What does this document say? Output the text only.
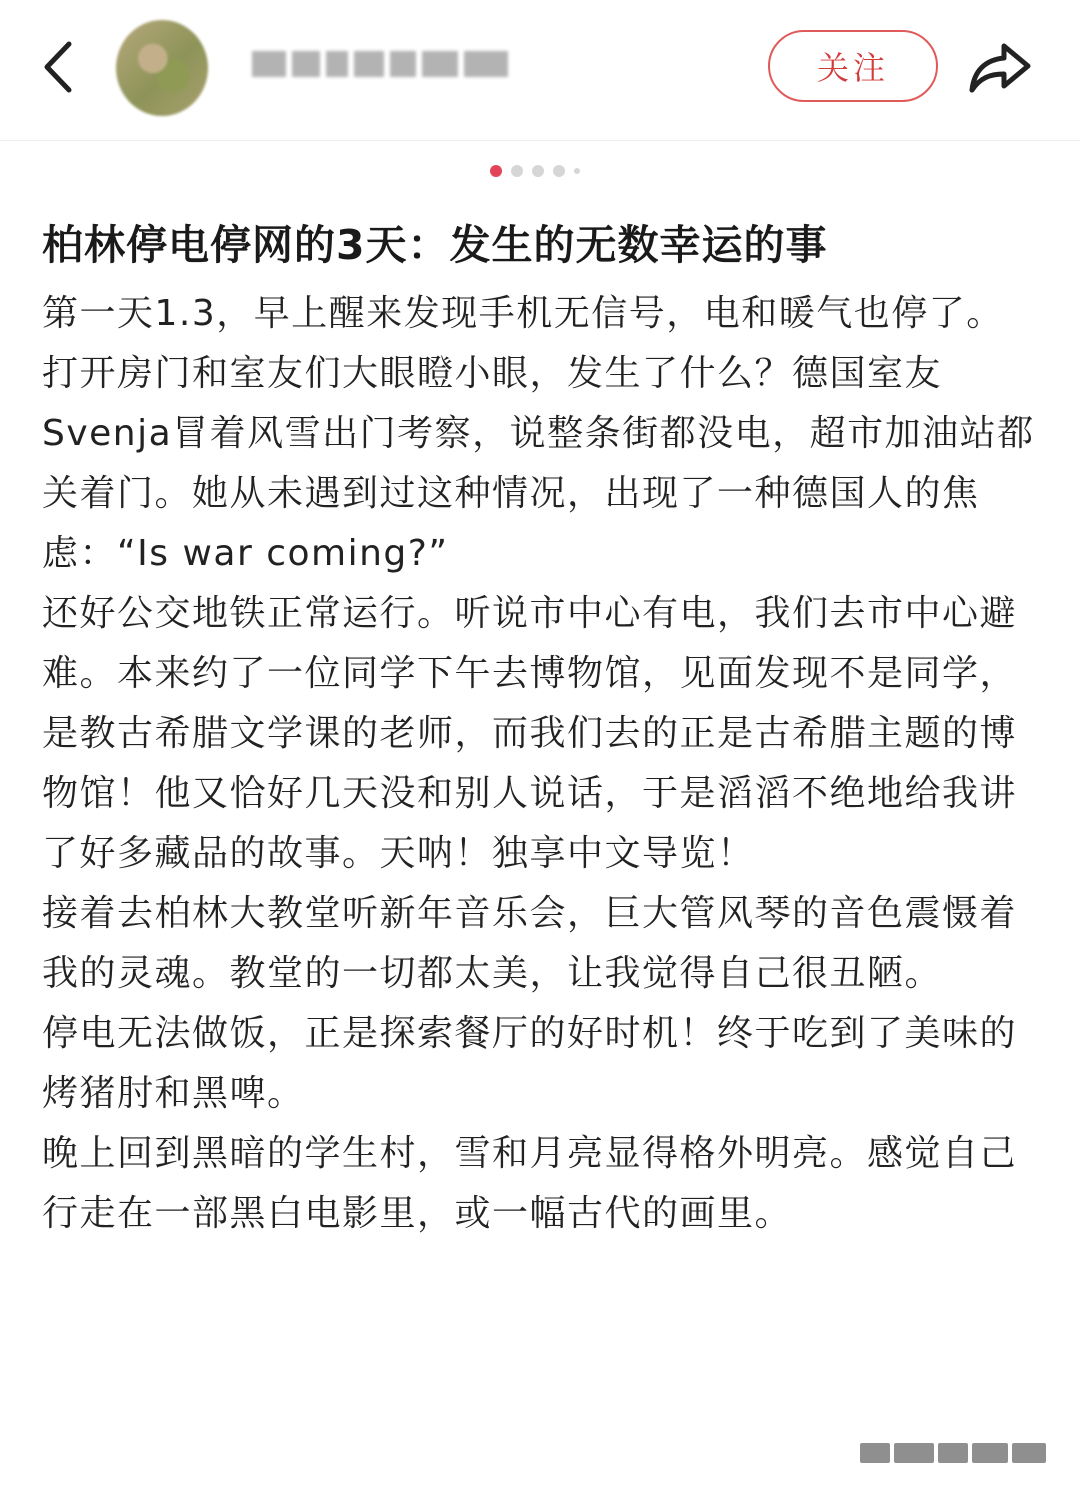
关注
柏林停电停网的3天：发生的无数幸运的事

第一天1.3，早上醒来发现手机无信号，电和暖气也停了。

打开房门和室友们大眼瞪小眼，发生了什么？德国室友Svenja冒着风雪出门考察，说整条街都没电，超市加油站都关着门。她从未遇到过这种情况，出现了一种德国人的焦虑：“Is war coming?”

还好公交地铁正常运行。听说市中心有电，我们去市中心避难。本来约了一位同学下午去博物馆，见面发现不是同学，是教古希腊文学课的老师，而我们去的正是古希腊主题的博物馆！他又恰好几天没和别人说话，于是滔滔不绝地给我讲了好多藏品的故事。天呐！独享中文导览！

接着去柏林大教堂听新年音乐会，巨大管风琴的音色震慑着我的灵魂。教堂的一切都太美，让我觉得自己很丑陋。

停电无法做饭，正是探索餐厅的好时机！终于吃到了美味的烤猪肘和黑啤。

晚上回到黑暗的学生村，雪和月亮显得格外明亮。感觉自己行走在一部黑白电影里，或一幅古代的画里。
